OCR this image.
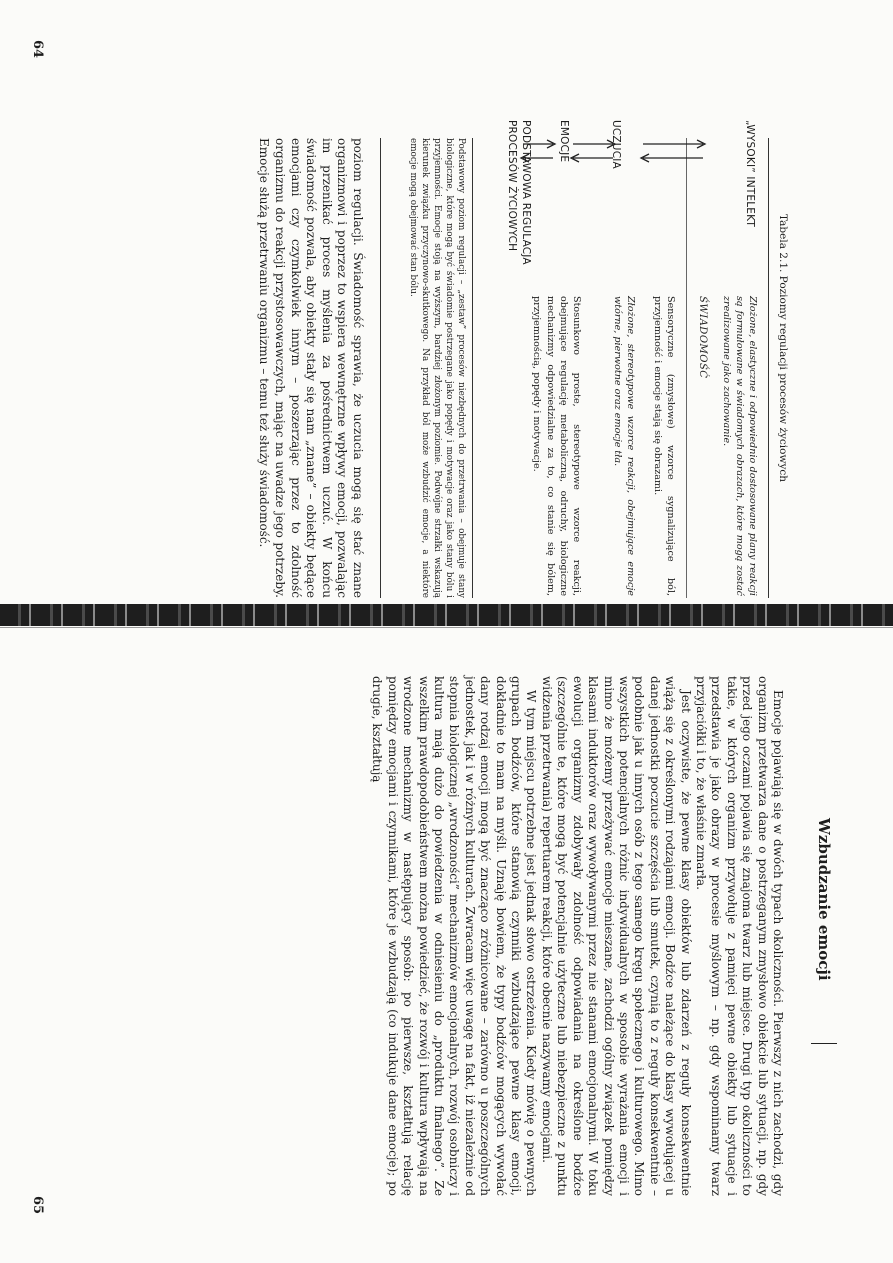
Tabela 2.1. Poziomy regulacji procesów życiowych
„WYSOKI” INTELEKT
Złożone, elastyczne i odpowiednio dostosowane plany reakcji są formułowane w świadomych obrazach, które mogą zostać zrealizowane jako zachowanie.
ŚWIADOMOŚĆ
UCZUCIA
Sensoryczne (zmysłowe) wzorce sygnalizujące ból, przyjemność i emocje stają się obrazami.
EMOCJE
Złożone, stereotypowe wzorce reakcji, obejmujące emocje wtórne, pierwotne oraz emocje tła.
PODSTAWOWA REGULACJA PROCESÓW ŻYCIOWYCH
Stosunkowo proste, stereotypowe wzorce reakcji, obejmujące regulację metaboliczną, odruchy, biologiczne mechanizmy odpowiedzialne za to, co stanie się bólem, przyjemnością, popędy i motywacje.
Podstawowy poziom regulacji – „zestaw” procesów niezbędnych do przetrwania – obejmuje stany biologiczne, które mogą być świadomie postrzegane jako popędy i motywacje oraz jako stany bólu i przyjemności. Emocje stoją na wyższym, bardziej złożonym poziomie. Podwójne strzałki wskazują kierunek związku przyczynowo-skutkowego. Na przykład ból może wzbudzić emocje, a niektóre emocje mogą obejmować stan bólu.
poziom regulacji. Świadomość sprawia, że uczucia mogą się stać znane organizmowi i poprzez to wspiera wewnętrzne wpływy emocji, pozwalając im przenikać proces myślenia za pośrednictwem uczuć. W końcu świadomość pozwala, aby obiekty stały się nam „znane” – obiekty będące emocjami czy czymkolwiek innym – poszerzając przez to zdolność organizmu do reakcji przystosowawczych, mając na uwadze jego potrzeby. Emocje służą przetrwaniu organizmu – temu też służy świadomość.
64
Wzbudzanie emocji

Emocje pojawiają się w dwóch typach okoliczności. Pierwszy z nich zachodzi, gdy organizm przetwarza dane o postrzeganym zmysłowo obiekcie lub sytuacji, np. gdy przed jego oczami pojawia się znajoma twarz lub miejsce. Drugi typ okoliczności to takie, w których organizm przywołuje z pamięci pewne obiekty lub sytuacje i przedstawia je jako obrazy w procesie myślowym – np. gdy wspominamy twarz przyjaciółki i to, że właśnie zmarła.

Jest oczywiste, że pewne klasy obiektów lub zdarzeń z reguły konsekwentnie wiążą się z określonymi rodzajami emocji. Bodźce należące do klasy wywołującej u danej jednostki poczucie szczęścia lub smutek, czynią to z reguły konsekwentnie – podobnie jak u innych osób z tego samego kręgu społecznego i kulturowego. Mimo wszystkich potencjalnych różnic indywidualnych w sposobie wyrażania emocji i mimo że możemy przeżywać emocje mieszane, zachodzi ogólny związek pomiędzy klasami induktorów oraz wywoływanymi przez nie stanami emocjonalnymi. W toku ewolucji organizmy zdobywały zdolność odpowiadania na określone bodźce (szczególnie te, które mogą być potencjalnie użyteczne lub niebezpieczne z punktu widzenia przetrwania) repertuarem reakcji, które obecnie nazywamy emocjami.

W tym miejscu potrzebne jest jednak słowo ostrzeżenia. Kiedy mówię o pewnych grupach bodźców, które stanowią czynniki wzbudzające pewne klasy emocji, dokładnie to mam na myśli. Uznaję bowiem, że typy bodźców mogących wywołać dany rodzaj emocji mogą być znacząco zróżnicowane – zarówno u poszczególnych jednostek, jak i w różnych kulturach. Zwracam więc uwagę na fakt, iż niezależnie od stopnia biologicznej „wrodzoności” mechanizmów emocjonalnych, rozwój osobniczy i kultura mają dużo do powiedzenia w odniesieniu do „produktu finalnego”. Ze wszelkim prawdopodobieństwem można powiedzieć, że rozwój i kultura wpływają na wrodzone mechanizmy w następujący sposób: po pierwsze, kształtują relację pomiędzy emocjami i czynnikami, które je wzbudzają (co indukuje dane emocje); po drugie, kształtują

65
